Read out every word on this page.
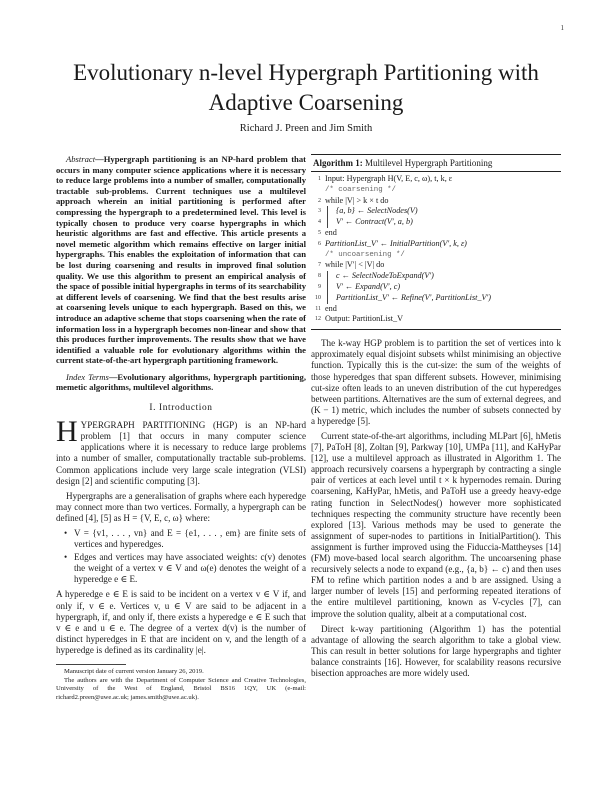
1
Evolutionary n-level Hypergraph Partitioning with
Adaptive Coarsening
Richard J. Preen and Jim Smith

Abstract—Hypergraph partitioning is an NP-hard problem that occurs in many computer science applications where it is necessary to reduce large problems into a number of smaller, computationally tractable sub-problems. Current techniques use a multilevel approach wherein an initial partitioning is performed after compressing the hypergraph to a predetermined level. This level is typically chosen to produce very coarse hypergraphs in which heuristic algorithms are fast and effective. This article presents a novel memetic algorithm which remains effective on larger initial hypergraphs. This enables the exploitation of information that can be lost during coarsening and results in improved final solution quality. We use this algorithm to present an empirical analysis of the space of possible initial hypergraphs in terms of its searchability at different levels of coarsening. We find that the best results arise at coarsening levels unique to each hypergraph. Based on this, we introduce an adaptive scheme that stops coarsening when the rate of information loss in a hypergraph becomes non-linear and show that this produces further improvements. The results show that we have identified a valuable role for evolutionary algorithms within the current state-of-the-art hypergraph partitioning framework.

Index Terms—Evolutionary algorithms, hypergraph partitioning, memetic algorithms, multilevel algorithms.

I. Introduction

HYPERGRAPH PARTITIONING (HGP) is an NP-hard problem [1] that occurs in many computer science applications where it is necessary to reduce large problems into a number of smaller, computationally tractable sub-problems. Common applications include very large scale integration (VLSI) design [2] and scientific computing [3].

Hypergraphs are a generalisation of graphs where each hyperedge may connect more than two vertices. Formally, a hypergraph can be defined [4], [5] as H = {V, E, c, ω} where:

• V = {v1, . . . , vn} and E = {e1, . . . , em} are finite sets of vertices and hyperedges.
• Edges and vertices may have associated weights: c(v) denotes the weight of a vertex v ∈ V and ω(e) denotes the weight of a hyperedge e ∈ E.

A hyperedge e ∈ E is said to be incident on a vertex v ∈ V if, and only if, v ∈ e. Vertices v, u ∈ V are said to be adjacent in a hypergraph, if, and only if, there exists a hyperedge e ∈ E such that v ∈ e and u ∈ e. The degree of a vertex d(v) is the number of distinct hyperedges in E that are incident on v, and the length of a hyperedge is defined as its cardinality |e|.

Manuscript date of current version January 26, 2019.

The authors are with the Department of Computer Science and Creative Technologies, University of the West of England, Bristol BS16 1QY, UK (e-mail: richard2.preen@uwe.ac.uk; james.smith@uwe.ac.uk).

Algorithm 1: Multilevel Hypergraph Partitioning
1 Input: Hypergraph H(V, E, c, ω), t, k, ε
/* coarsening */
2 while |V| > k × t do
3	{a, b} ← SelectNodes(V)
4	V′ ← Contract(V′, a, b)
5 end
6 PartitionList_V′ ← InitialPartition(V′, k, ε)
/* uncoarsening */
7 while |V′| < |V| do
8	c ← SelectNodeToExpand(V′)
9	V′ ← Expand(V′, c)
10	PartitionList_V′ ← Refine(V′, PartitionList_V′)
11 end
12 Output: PartitionList_V

The k-way HGP problem is to partition the set of vertices into k approximately equal disjoint subsets whilst minimising an objective function. Typically this is the cut-size: the sum of the weights of those hyperedges that span different subsets. However, minimising cut-size often leads to an uneven distribution of the cut hyperedges between partitions. Alternatives are the sum of external degrees, and (K − 1) metric, which includes the number of subsets connected by a hyperedge [5].

Current state-of-the-art algorithms, including MLPart [6], hMetis [7], PaToH [8], Zoltan [9], Parkway [10], UMPa [11], and KaHyPar [12], use a multilevel approach as illustrated in Algorithm 1. The approach recursively coarsens a hypergraph by contracting a single pair of vertices at each level until t × k hypernodes remain. During coarsening, KaHyPar, hMetis, and PaToH use a greedy heavy-edge rating function in SelectNodes() however more sophisticated techniques respecting the community structure have recently been explored [13]. Various methods may be used to generate the assignment of super-nodes to partitions in InitialPartition(). This assignment is further improved using the Fiduccia-Mattheyses [14] (FM) move-based local search algorithm. The uncoarsening phase recursively selects a node to expand (e.g., {a, b} ← c) and then uses FM to refine which partition nodes a and b are assigned. Using a larger number of levels [15] and performing repeated iterations of the entire multilevel partitioning, known as V-cycles [7], can improve the solution quality, albeit at a computational cost.

Direct k-way partitioning (Algorithm 1) has the potential advantage of allowing the search algorithm to take a global view. This can result in better solutions for large hypergraphs and tighter balance constraints [16]. However, for scalability reasons recursive bisection approaches are more widely used.
